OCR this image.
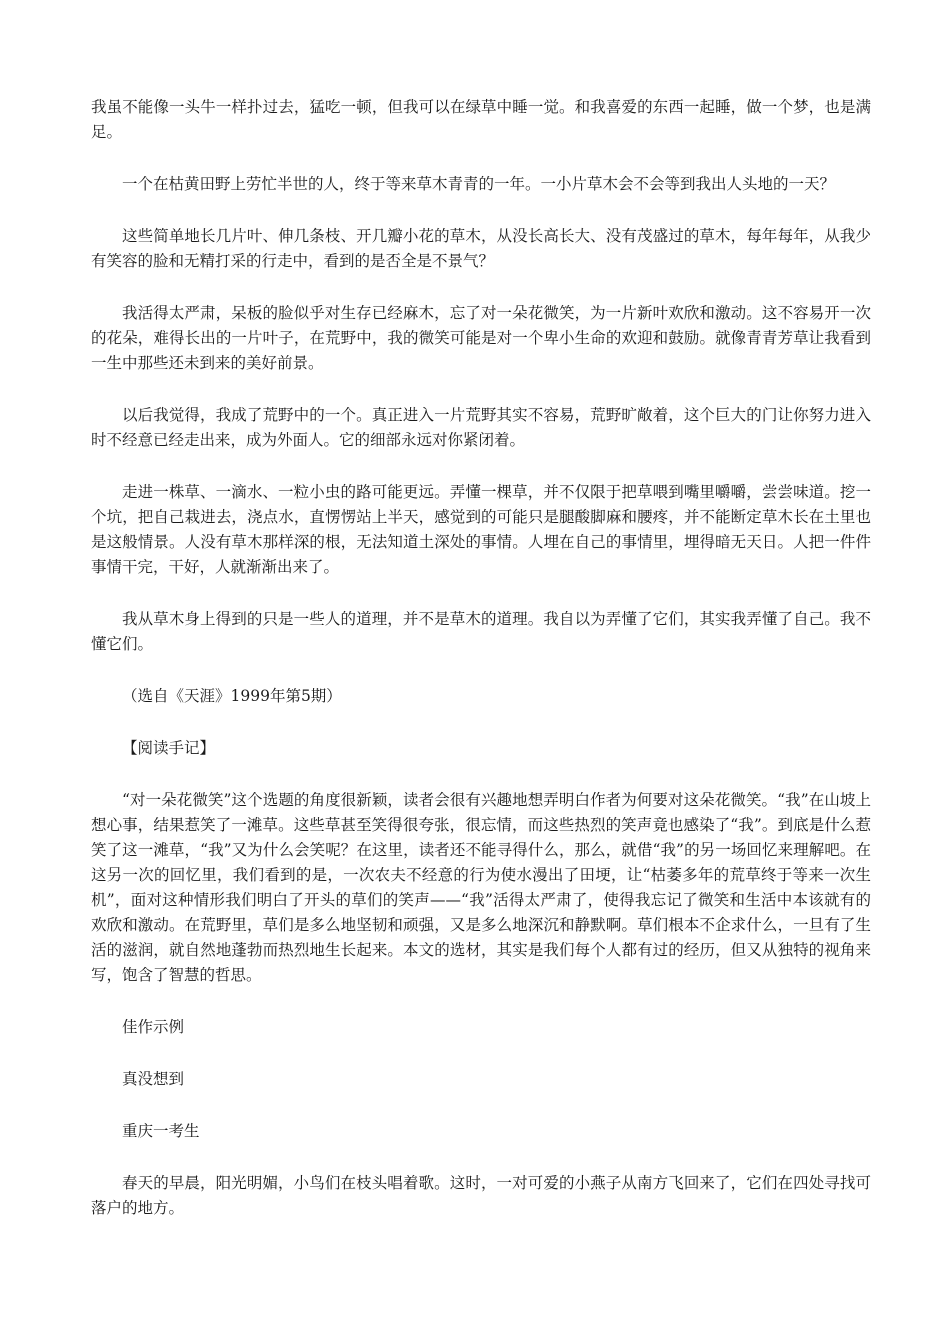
我虽不能像一头牛一样扑过去，猛吃一顿，但我可以在绿草中睡一觉。和我喜爱的东西一起睡，做一个梦，也是满足。

一个在枯黄田野上劳忙半世的人，终于等来草木青青的一年。一小片草木会不会等到我出人头地的一天？

这些简单地长几片叶、伸几条枝、开几瓣小花的草木，从没长高长大、没有茂盛过的草木，每年每年，从我少有笑容的脸和无精打采的行走中，看到的是否全是不景气？

我活得太严肃，呆板的脸似乎对生存已经麻木，忘了对一朵花微笑，为一片新叶欢欣和激动。这不容易开一次的花朵，难得长出的一片叶子，在荒野中，我的微笑可能是对一个卑小生命的欢迎和鼓励。就像青青芳草让我看到一生中那些还未到来的美好前景。

以后我觉得，我成了荒野中的一个。真正进入一片荒野其实不容易，荒野旷敞着，这个巨大的门让你努力进入时不经意已经走出来，成为外面人。它的细部永远对你紧闭着。

走进一株草、一滴水、一粒小虫的路可能更远。弄懂一棵草，并不仅限于把草喂到嘴里嚼嚼，尝尝味道。挖一个坑，把自己栽进去，浇点水，直愣愣站上半天，感觉到的可能只是腿酸脚麻和腰疼，并不能断定草木长在土里也是这般情景。人没有草木那样深的根，无法知道土深处的事情。人埋在自己的事情里，埋得暗无天日。人把一件件事情干完，干好，人就渐渐出来了。

我从草木身上得到的只是一些人的道理，并不是草木的道理。我自以为弄懂了它们，其实我弄懂了自己。我不懂它们。

（选自《天涯》1999年第5期）

【阅读手记】

“对一朵花微笑”这个选题的角度很新颖，读者会很有兴趣地想弄明白作者为何要对这朵花微笑。“我”在山坡上想心事，结果惹笑了一滩草。这些草甚至笑得很夸张，很忘情，而这些热烈的笑声竟也感染了“我”。到底是什么惹笑了这一滩草，“我”又为什么会笑呢？在这里，读者还不能寻得什么，那么，就借“我”的另一场回忆来理解吧。在这另一次的回忆里，我们看到的是，一次农夫不经意的行为使水漫出了田埂，让“枯萎多年的荒草终于等来一次生机”，面对这种情形我们明白了开头的草们的笑声——“我”活得太严肃了，使得我忘记了微笑和生活中本该就有的欢欣和激动。在荒野里，草们是多么地坚韧和顽强，又是多么地深沉和静默啊。草们根本不企求什么，一旦有了生活的滋润，就自然地蓬勃而热烈地生长起来。本文的选材，其实是我们每个人都有过的经历，但又从独特的视角来写，饱含了智慧的哲思。

佳作示例

真没想到

重庆一考生

春天的早晨，阳光明媚，小鸟们在枝头唱着歌。这时，一对可爱的小燕子从南方飞回来了，它们在四处寻找可落户的地方。
